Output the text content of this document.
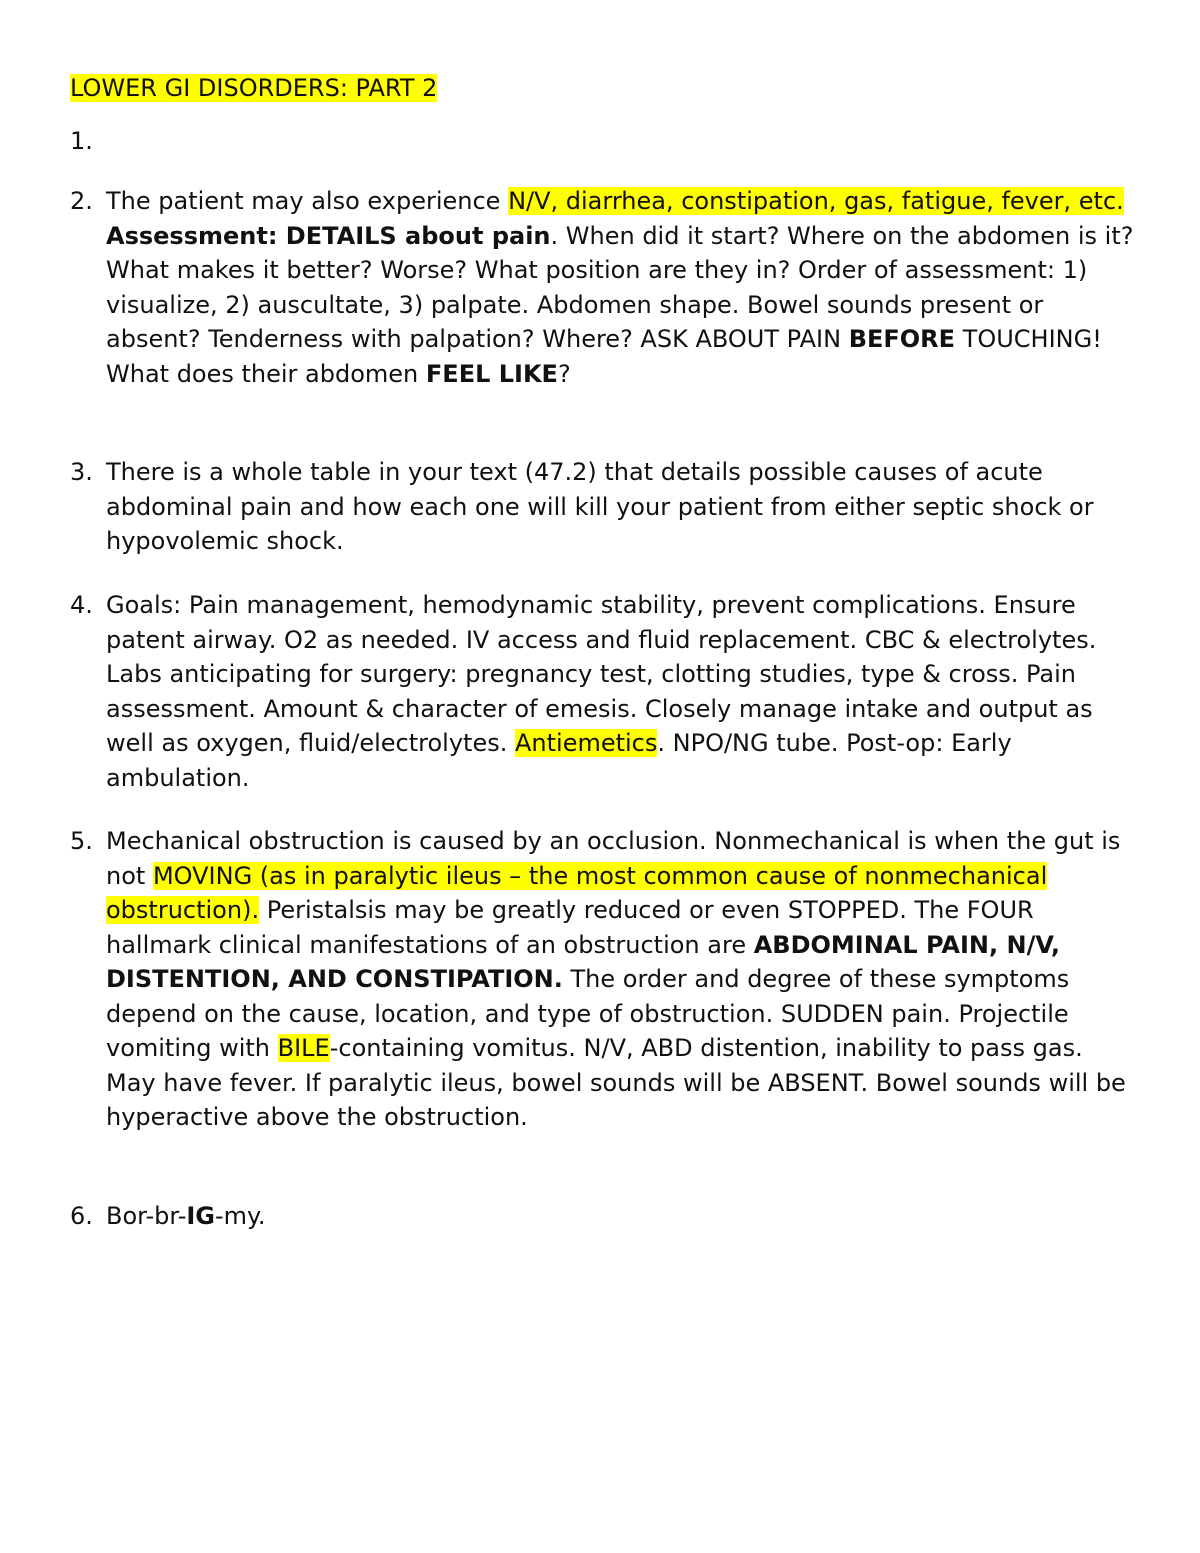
LOWER GI DISORDERS: PART 2
1.
2. The patient may also experience N/V, diarrhea, constipation, gas, fatigue, fever, etc. Assessment: DETAILS about pain. When did it start? Where on the abdomen is it? What makes it better? Worse? What position are they in? Order of assessment: 1) visualize, 2) auscultate, 3) palpate. Abdomen shape. Bowel sounds present or absent? Tenderness with palpation? Where? ASK ABOUT PAIN BEFORE TOUCHING! What does their abdomen FEEL LIKE?
3. There is a whole table in your text (47.2) that details possible causes of acute abdominal pain and how each one will kill your patient from either septic shock or hypovolemic shock.
4. Goals: Pain management, hemodynamic stability, prevent complications. Ensure patent airway. O2 as needed. IV access and fluid replacement. CBC & electrolytes. Labs anticipating for surgery: pregnancy test, clotting studies, type & cross. Pain assessment. Amount & character of emesis. Closely manage intake and output as well as oxygen, fluid/electrolytes. Antiemetics. NPO/NG tube. Post-op: Early ambulation.
5. Mechanical obstruction is caused by an occlusion. Nonmechanical is when the gut is not MOVING (as in paralytic ileus – the most common cause of nonmechanical obstruction). Peristalsis may be greatly reduced or even STOPPED. The FOUR hallmark clinical manifestations of an obstruction are ABDOMINAL PAIN, N/V, DISTENTION, AND CONSTIPATION. The order and degree of these symptoms depend on the cause, location, and type of obstruction. SUDDEN pain. Projectile vomiting with BILE-containing vomitus. N/V, ABD distention, inability to pass gas. May have fever. If paralytic ileus, bowel sounds will be ABSENT. Bowel sounds will be hyperactive above the obstruction.
6. Bor-br-IG-my.
